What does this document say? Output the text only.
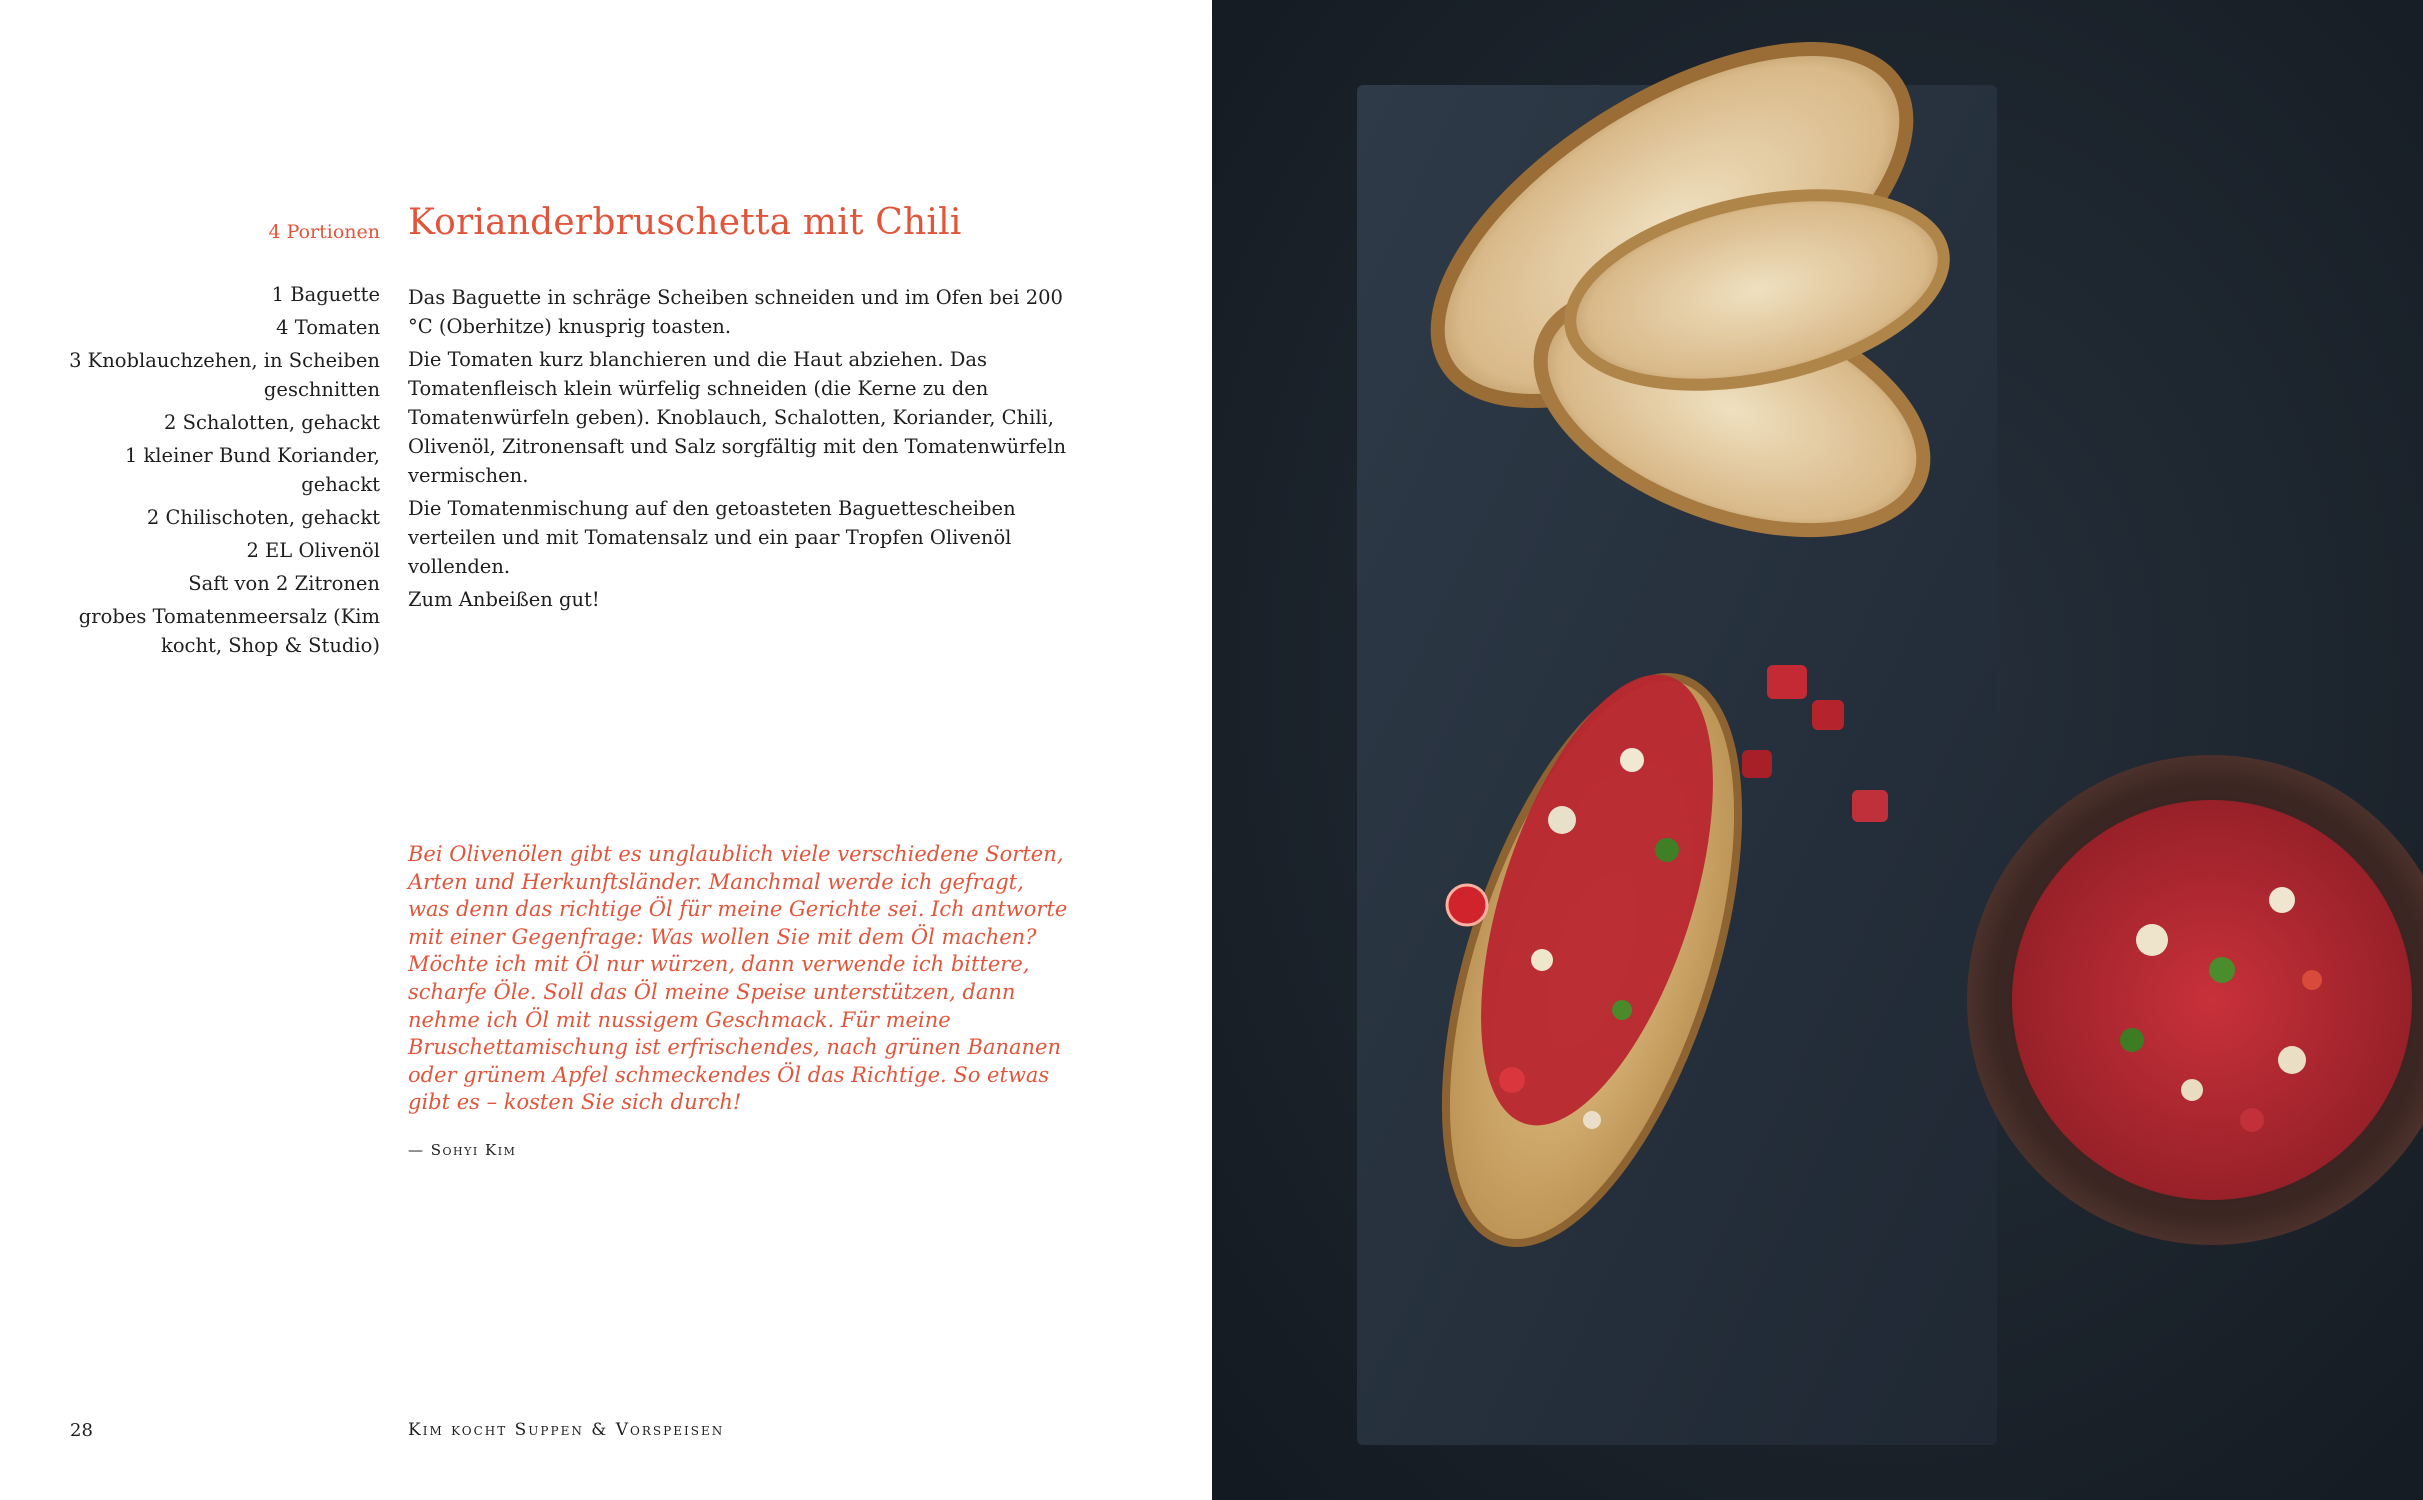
4 Portionen Korianderbruschetta mit Chili
1 Baguette
4 Tomaten
3 Knoblauchzehen, in Scheiben geschnitten
2 Schalotten, gehackt
1 kleiner Bund Koriander, gehackt
2 Chilischoten, gehackt
2 EL Olivenöl
Saft von 2 Zitronen
grobes Tomatenmeersalz (Kim kocht, Shop & Studio)

Das Baguette in schräge Scheiben schneiden und im Ofen bei 200 °C (Oberhitze) knusprig toasten.

Die Tomaten kurz blanchieren und die Haut abziehen. Das Tomatenfleisch klein würfelig schneiden (die Kerne zu den Tomatenwürfeln geben). Knoblauch, Schalotten, Koriander, Chili, Olivenöl, Zitronensaft und Salz sorgfältig mit den Tomatenwürfeln vermischen.

Die Tomatenmischung auf den getoasteten Baguettescheiben verteilen und mit Tomatensalz und ein paar Tropfen Olivenöl vollenden.

Zum Anbeißen gut!

Bei Olivenölen gibt es unglaublich viele verschiedene Sorten, Arten und Herkunftsländer. Manchmal werde ich gefragt, was denn das richtige Öl für meine Gerichte sei. Ich antworte mit einer Gegenfrage: Was wollen Sie mit dem Öl machen? Möchte ich mit Öl nur würzen, dann verwende ich bittere, scharfe Öle. Soll das Öl meine Speise unterstützen, dann nehme ich Öl mit nussigem Geschmack. Für meine Bruschettamischung ist erfrischendes, nach grünen Bananen oder grünem Apfel schmeckendes Öl das Richtige. So etwas gibt es – kosten Sie sich durch!
— Sohyi Kim
28	Kim kocht Suppen & Vorspeisen
